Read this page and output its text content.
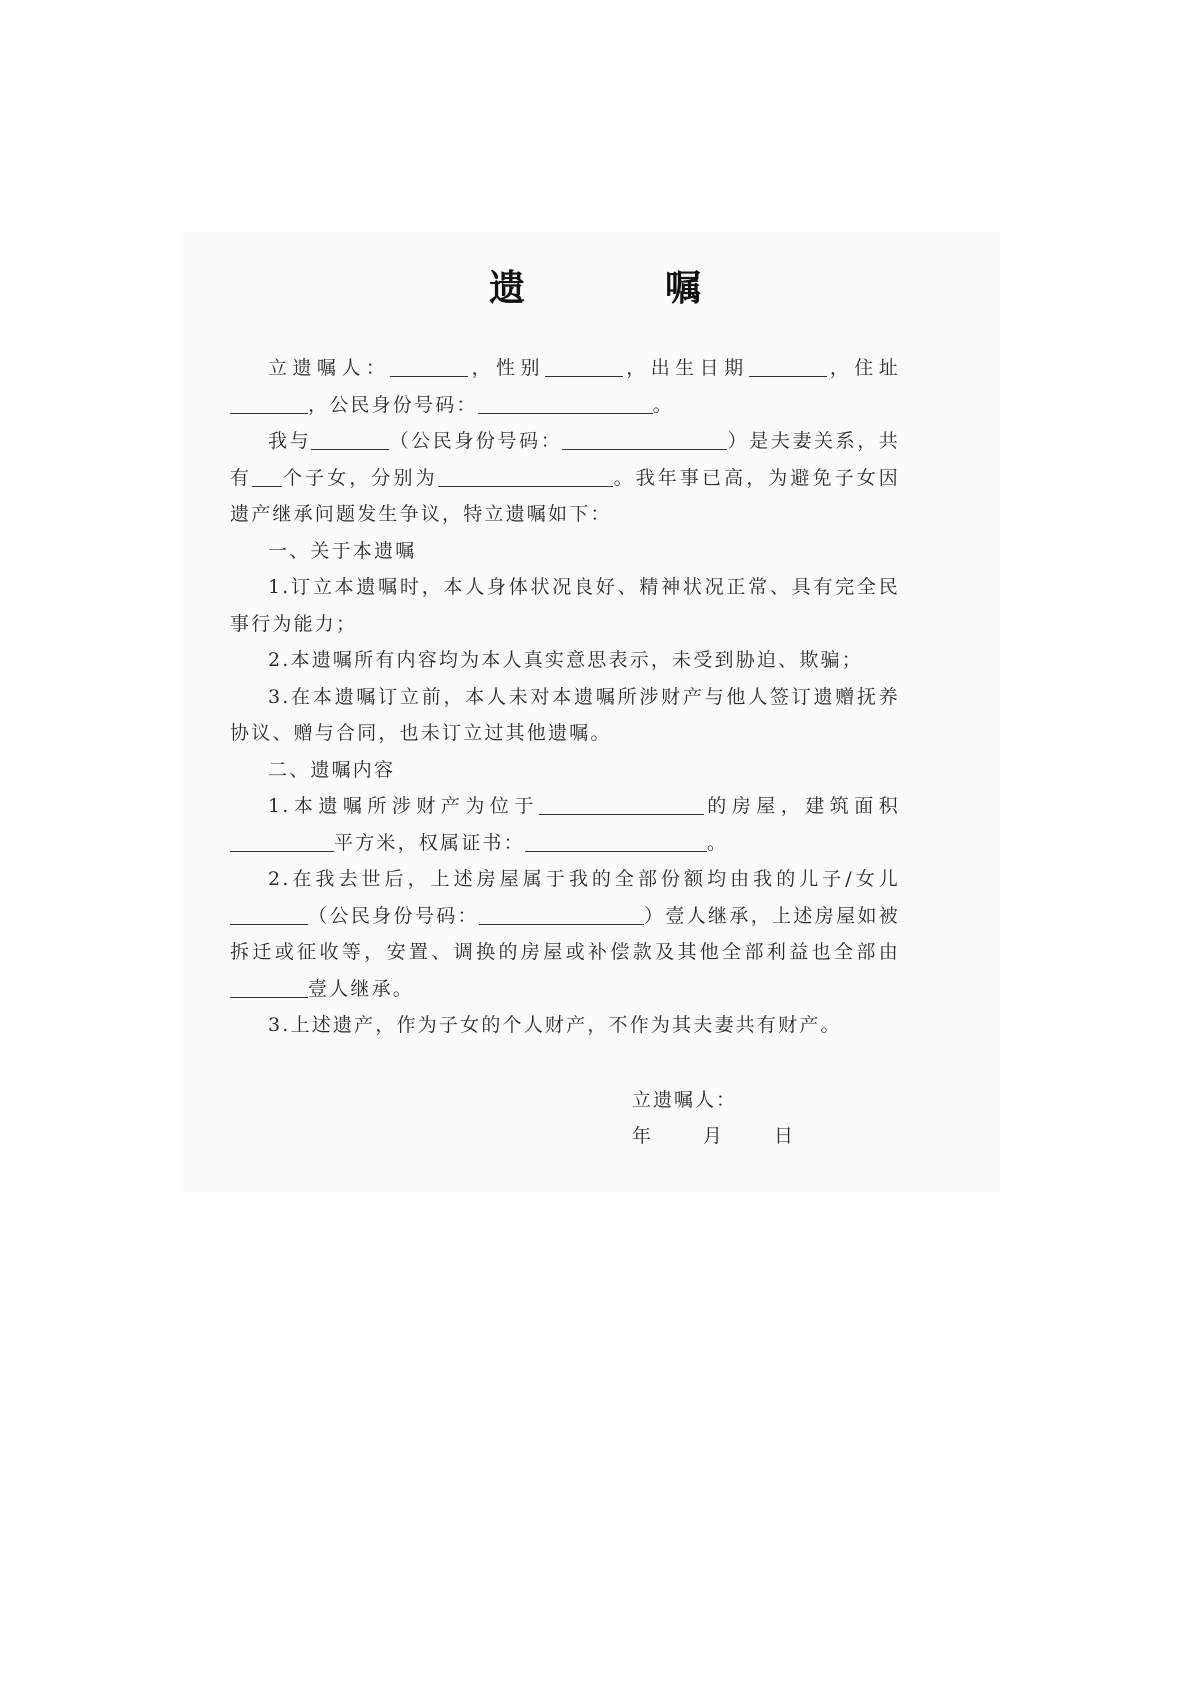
遗　嘱

立遗嘱人：	，性别	，出生日期	，住址，公民身份号码：	。

我与	（公民身份号码：	）是夫妻关系，共有 个子女，分别为	。我年事已高，为避免子女因遗产继承问题发生争议，特立遗嘱如下：

一、关于本遗嘱

1.订立本遗嘱时，本人身体状况良好、精神状况正常、具有完全民事行为能力；

2.本遗嘱所有内容均为本人真实意思表示，未受到胁迫、欺骗；

3.在本遗嘱订立前，本人未对本遗嘱所涉财产与他人签订遗赠抚养协议、赠与合同，也未订立过其他遗嘱。

二、遗嘱内容

1.本遗嘱所涉财产为位于	的房屋，建筑面积平方米，权属证书：	。

2.在我去世后，上述房屋属于我的全部份额均由我的儿子/女儿（公民身份号码：	）壹人继承，上述房屋如被拆迁或征收等，安置、调换的房屋或补偿款及其他全部利益也全部由壹人继承。

3.上述遗产，作为子女的个人财产，不作为其夫妻共有财产。

立遗嘱人：
年	月	日
